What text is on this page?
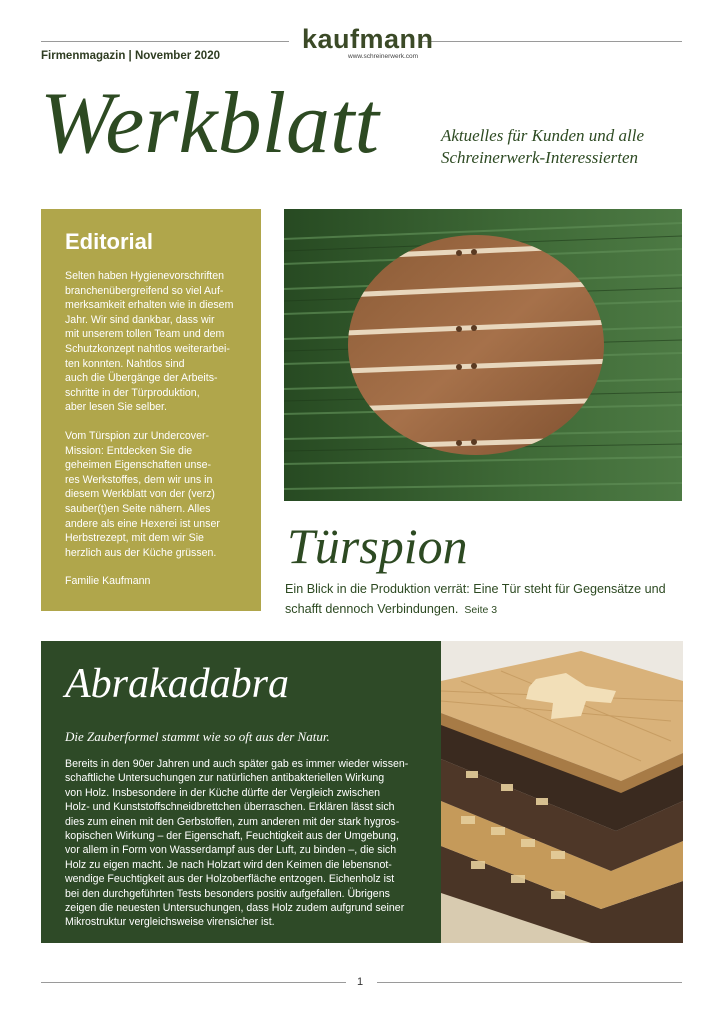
kaufmann
www.schreinerwerk.com
Firmenmagazin | November 2020
Werkblatt	Aktuelles für Kunden und alle
Schreinerwerk-Interessierten
Editorial

Selten haben Hygienevorschriften
branchenübergreifend so viel Auf-
merksamkeit erhalten wie in diesem
Jahr. Wir sind dankbar, dass wir
mit unserem tollen Team und dem
Schutzkonzept nahtlos weiterarbei-
ten konnten. Nahtlos sind
auch die Übergänge der Arbeits-
schritte in der Türproduktion,
aber lesen Sie selber.

Vom Türspion zur Undercover-
Mission: Entdecken Sie die
geheimen Eigenschaften unse-
res Werkstoffes, dem wir uns in
diesem Werkblatt von der (verz)
sauber(t)en Seite nähern. Alles
andere als eine Hexerei ist unser
Herbstrezept, mit dem wir Sie
herzlich aus der Küche grüssen.

Familie Kaufmann

Türspion
Ein Blick in die Produktion verrät: Eine Tür steht für Gegensätze und schafft dennoch Verbindungen. Seite 3
Abrakadabra
Die Zauberformel stammt wie so oft aus der Natur.

Bereits in den 90er Jahren und auch später gab es immer wieder wissen-
schaftliche Untersuchungen zur natürlichen antibakteriellen Wirkung
von Holz. Insbesondere in der Küche dürfte der Vergleich zwischen
Holz- und Kunststoffschneidbrettchen überraschen. Erklären lässt sich
dies zum einen mit den Gerbstoffen, zum anderen mit der stark hygros-
kopischen Wirkung – der Eigenschaft, Feuchtigkeit aus der Umgebung,
vor allem in Form von Wasserdampf aus der Luft, zu binden –, die sich
Holz zu eigen macht. Je nach Holzart wird den Keimen die lebensnot-
wendige Feuchtigkeit aus der Holzoberfläche entzogen. Eichenholz ist
bei den durchgeführten Tests besonders positiv aufgefallen. Übrigens
zeigen die neuesten Untersuchungen, dass Holz zudem aufgrund seiner
Mikrostruktur vergleichsweise virensicher ist.

1
